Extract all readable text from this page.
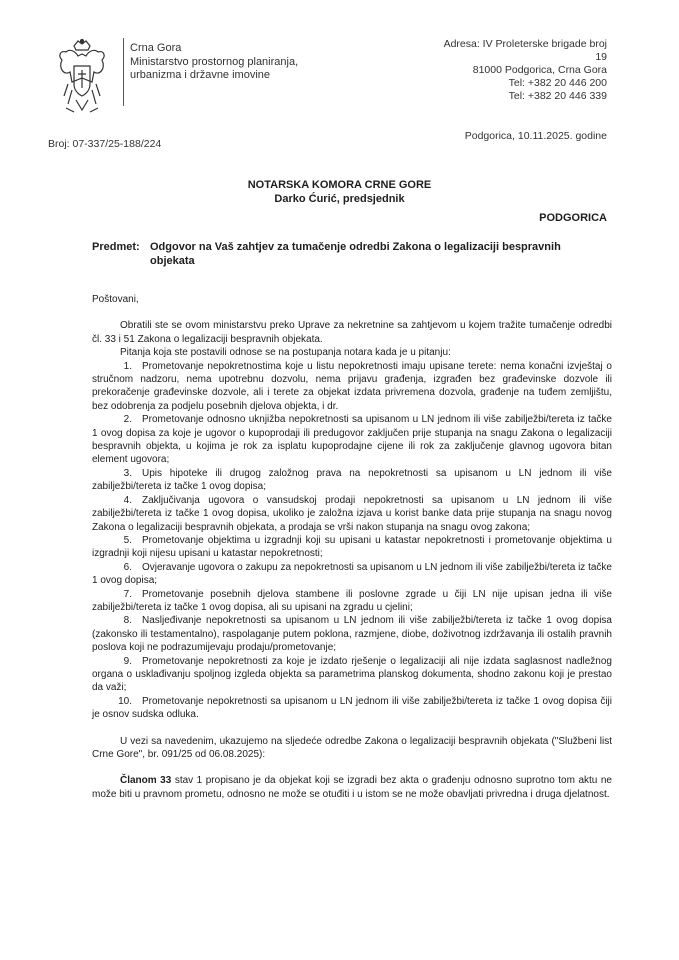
Crna Gora
Ministarstvo prostornog planiranja,
urbanizma i državne imovine
Adresa: IV Proleterske brigade broj
19
81000 Podgorica, Crna Gora
Tel: +382 20 446 200
Tel: +382 20 446 339
Broj: 07-337/25-188/224
Podgorica, 10.11.2025. godine
NOTARSKA KOMORA CRNE GORE
Darko Ćurić, predsjednik
PODGORICA
Predmet: Odgovor na Vaš zahtjev za tumačenje odredbi Zakona o legalizaciji bespravnih objekata

Poštovani,

Obratili ste se ovom ministarstvu preko Uprave za nekretnine sa zahtjevom u kojem tražite tumačenje odredbi čl. 33 i 51 Zakona o legalizaciji bespravnih objekata.

Pitanja koja ste postavili odnose se na postupanja notara kada je u pitanju:

1. Prometovanje nepokretnostima koje u listu nepokretnosti imaju upisane terete: nema konačni izvještaj o stručnom nadzoru, nema upotrebnu dozvolu, nema prijavu građenja, izgrađen bez građevinske dozvole ili prekoračenje građevinske dozvole, ali i terete za objekat izdata privremena dozvola, građenje na tuđem zemljištu, bez odobrenja za podjelu posebnih djelova objekta, i dr.

2. Prometovanje odnosno uknjižba nepokretnosti sa upisanom u LN jednom ili više zabilježbi/tereta iz tačke 1 ovog dopisa za koje je ugovor o kupoprodaji ili predugovor zaključen prije stupanja na snagu Zakona o legalizaciji bespravnih objekta, u kojima je rok za isplatu kupoprodajne cijene ili rok za zaključenje glavnog ugovora bitan element ugovora;

3. Upis hipoteke ili drugog založnog prava na nepokretnosti sa upisanom u LN jednom ili više zabilježbi/tereta iz tačke 1 ovog dopisa;

4. Zaključivanja ugovora o vansudskoj prodaji nepokretnosti sa upisanom u LN jednom ili više zabilježbi/tereta iz tačke 1 ovog dopisa, ukoliko je založna izjava u korist banke data prije stupanja na snagu novog Zakona o legalizaciji bespravnih objekata, a prodaja se vrši nakon stupanja na snagu ovog zakona;

5. Prometovanje objektima u izgradnji koji su upisani u katastar nepokretnosti i prometovanje objektima u izgradnji koji nijesu upisani u katastar nepokretnosti;

6. Ovjeravanje ugovora o zakupu za nepokretnosti sa upisanom u LN jednom ili više zabilježbi/tereta iz tačke 1 ovog dopisa;

7. Prometovanje posebnih djelova stambene ili poslovne zgrade u čiji LN nije upisan jedna ili više zabilježbi/tereta iz tačke 1 ovog dopisa, ali su upisani na zgradu u cjelini;

8. Nasljeđivanje nepokretnosti sa upisanom u LN jednom ili više zabilježbi/tereta iz tačke 1 ovog dopisa (zakonsko ili testamentalno), raspolaganje putem poklona, razmjene, diobe, doživotnog izdržavanja ili ostalih pravnih poslova koji ne podrazumijevaju prodaju/prometovanje;

9. Prometovanje nepokretnosti za koje je izdato rješenje o legalizaciji ali nije izdata saglasnost nadležnog organa o usklađivanju spoljnog izgleda objekta sa parametrima planskog dokumenta, shodno zakonu koji je prestao da važi;

10. Prometovanje nepokretnosti sa upisanom u LN jednom ili više zabilježbi/tereta iz tačke 1 ovog dopisa čiji je osnov sudska odluka.

U vezi sa navedenim, ukazujemo na sljedeće odredbe Zakona o legalizaciji bespravnih objekata ("Službeni list Crne Gore", br. 091/25 od 06.08.2025):

Članom 33 stav 1 propisano je da objekat koji se izgradi bez akta o građenju odnosno suprotno tom aktu ne može biti u pravnom prometu, odnosno ne može se otuđiti i u istom se ne može obavljati privredna i druga djelatnost.
